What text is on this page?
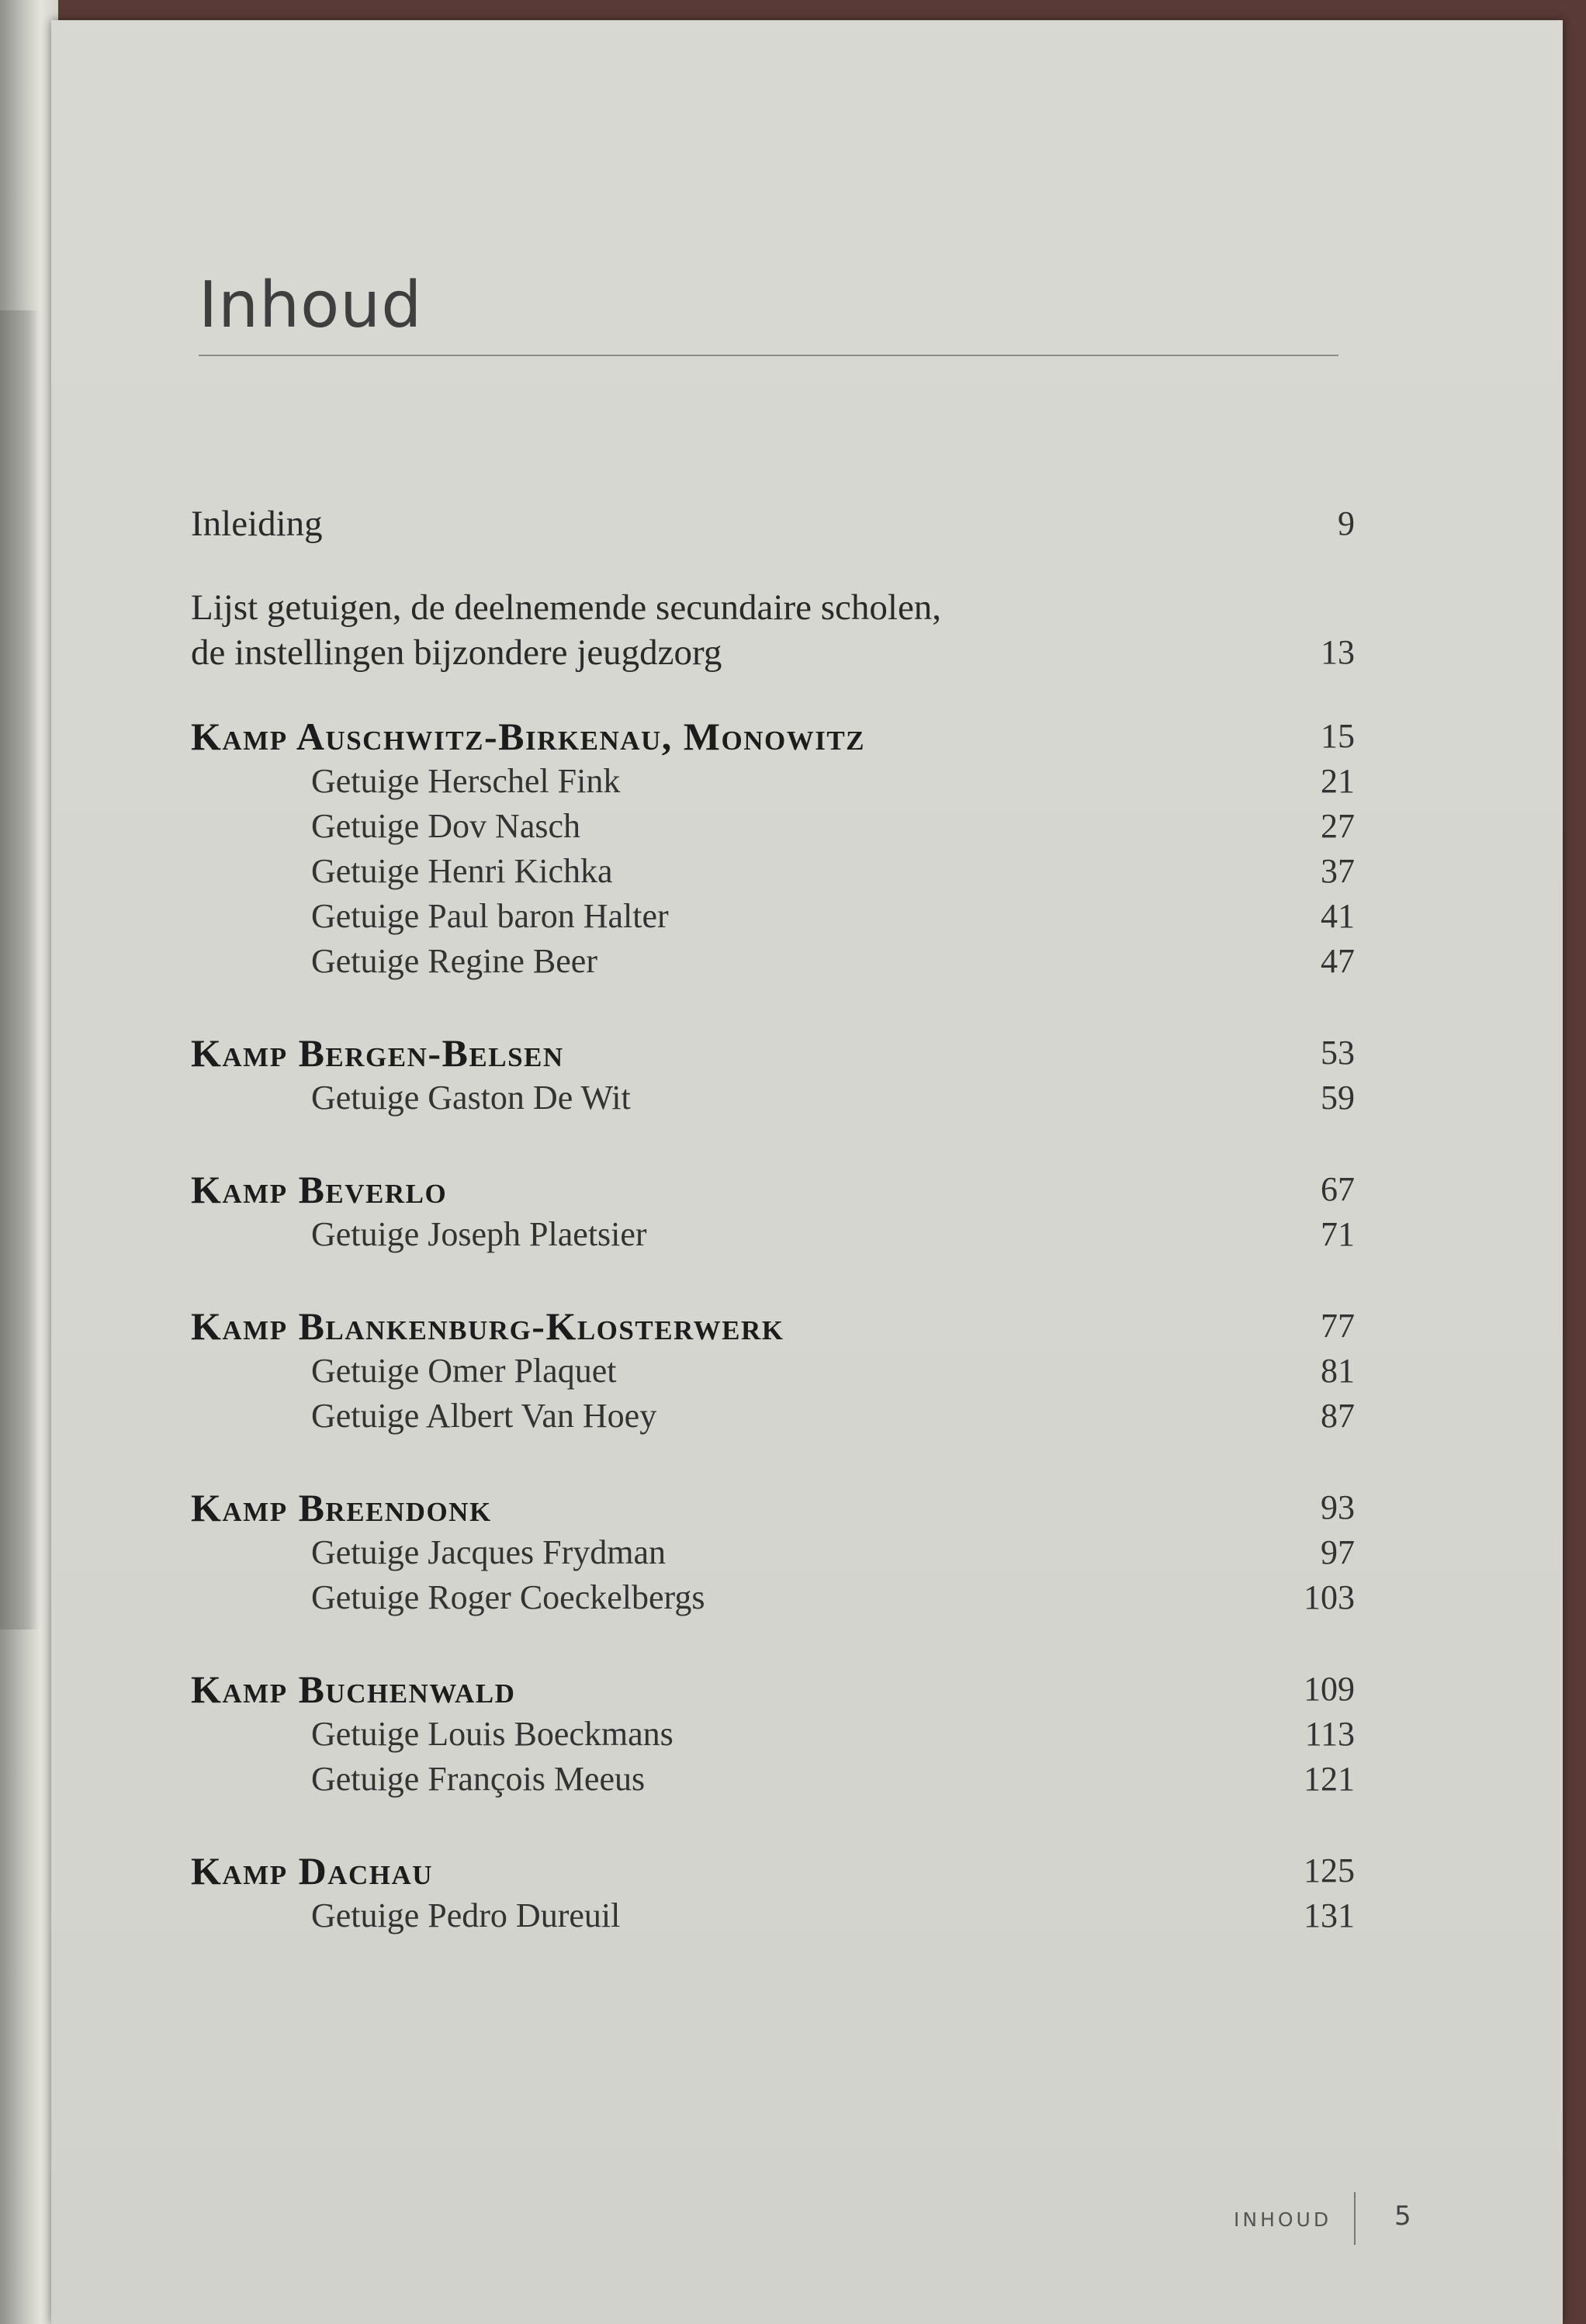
Inhoud
Inleiding	9
Lijst getuigen, de deelnemende secundaire scholen,
de instellingen bijzondere jeugdzorg	13
Kamp Auschwitz-Birkenau, Monowitz	15
Getuige Herschel Fink	21
Getuige Dov Nasch	27
Getuige Henri Kichka	37
Getuige Paul baron Halter	41
Getuige Regine Beer	47
Kamp Bergen-Belsen	53
Getuige Gaston De Wit	59
Kamp Beverlo	67
Getuige Joseph Plaetsier	71
Kamp Blankenburg-Klosterwerk	77
Getuige Omer Plaquet	81
Getuige Albert Van Hoey	87
Kamp Breendonk	93
Getuige Jacques Frydman	97
Getuige Roger Coeckelbergs	103
Kamp Buchenwald	109
Getuige Louis Boeckmans	113
Getuige François Meeus	121
Kamp Dachau	125
Getuige Pedro Dureuil	131
INHOUD 5
